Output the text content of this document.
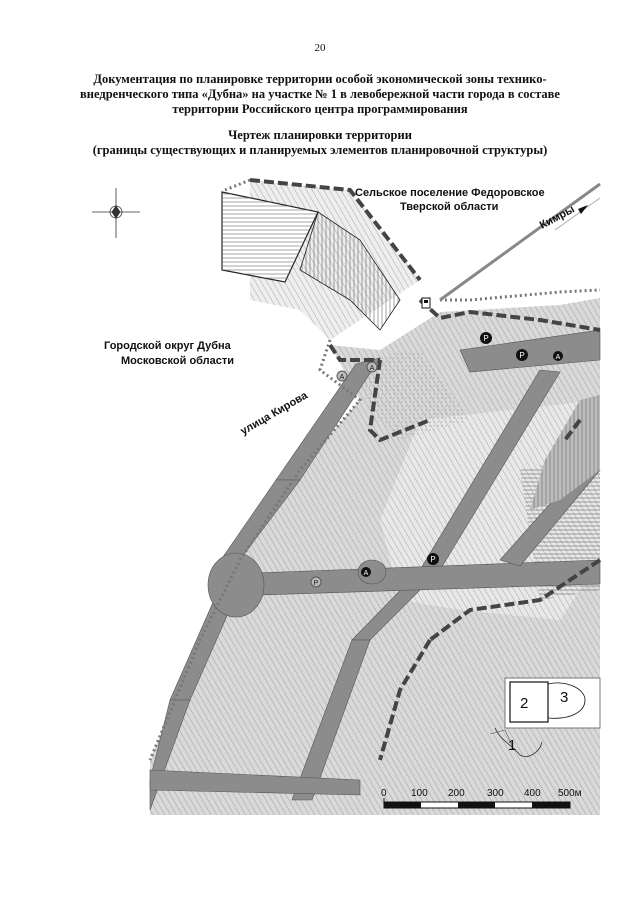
20
Документация по планировке территории особой экономической зоны технико-внедренческого типа «Дубна» на участке № 1 в левобережной части города в составе территории Российского центра программирования
Чертеж планировки территории
(границы существующих и планируемых элементов планировочной структуры)
Сельское поселение Федоровское
Тверской области
Городской округ Дубна
Московской области
улица Кирова
Кимры
P
P
P
P
A
A
A
A
2 3
1
0 100 200 300 400 500м
